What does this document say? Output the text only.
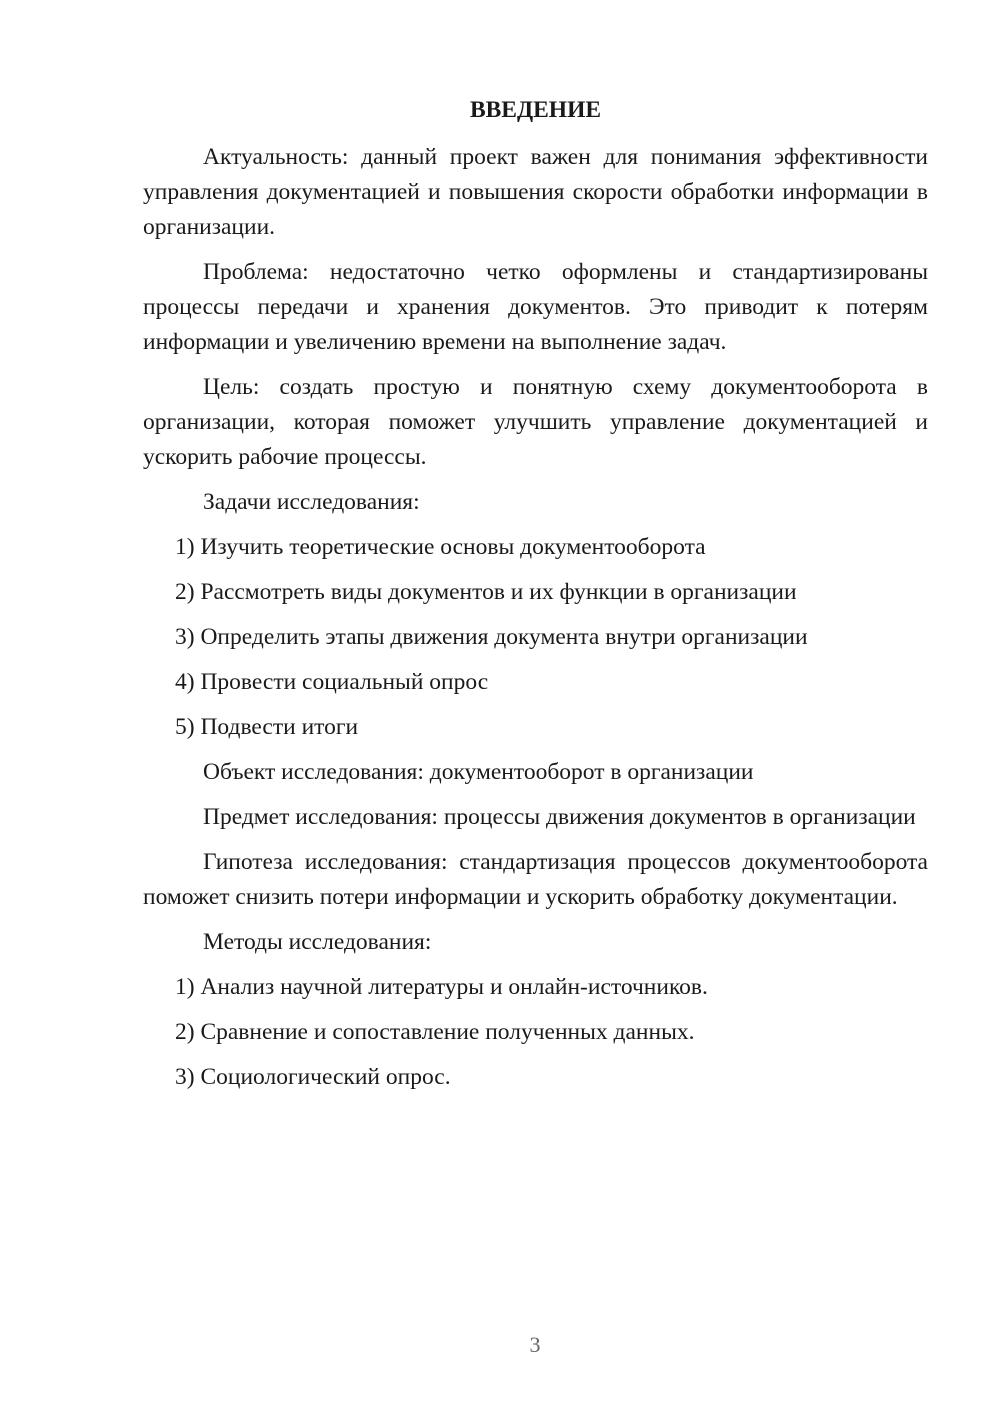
ВВЕДЕНИЕ

Актуальность: данный проект важен для понимания эффективности управления документацией и повышения скорости обработки информации в организации.

Проблема: недостаточно четко оформлены и стандартизированы процессы передачи и хранения документов. Это приводит к потерям информации и увеличению времени на выполнение задач.

Цель: создать простую и понятную схему документооборота в организации, которая поможет улучшить управление документацией и ускорить рабочие процессы.

Задачи исследования:
1) Изучить теоретические основы документооборота
2) Рассмотреть виды документов и их функции в организации
3) Определить этапы движения документа внутри организации
4) Провести социальный опрос
5) Подвести итоги
Объект исследования: документооборот в организации

Предмет исследования: процессы движения документов в организации

Гипотеза исследования: стандартизация процессов документооборота поможет снизить потери информации и ускорить обработку документации.

Методы исследования:
1) Анализ научной литературы и онлайн-источников.
2) Сравнение и сопоставление полученных данных.
3) Социологический опрос.
3
